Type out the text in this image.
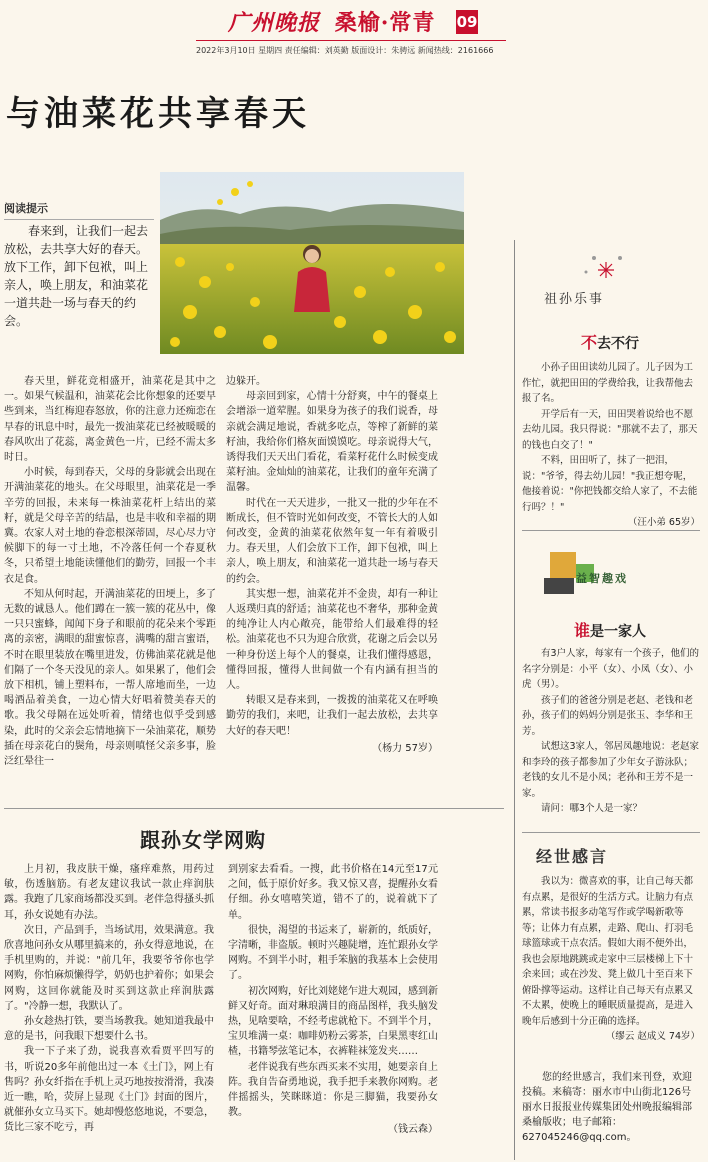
广州晚报 桑榆·常青 09
2022年3月10日 星期四 责任编辑：刘英勤 版面设计：朱骋远 新闻热线：2161666
与油菜花共享春天
阅读提示
春来到，让我们一起去放松，去共享大好的春天。放下工作，卸下包袱，叫上亲人，唤上朋友，和油菜花一道共赴一场与春天的约会。

春天里，鲜花竞相盛开，油菜花是其中之一。如果气候温和，油菜花会比你想象的还要早些到来，当红梅迎春怒放，你的注意力还痴恋在早春的讯息中时，最先一拨油菜花已经被暖暖的春风吹出了花蕊，离金黄色一片，已经不需太多时日。

小时候，每到春天，父母的身影就会出现在开满油菜花的地头。在父母眼里，油菜花是一季辛劳的回报，未来每一株油菜花杆上结出的菜籽，就是父母辛苦的结晶，也是丰收和幸福的期冀。农家人对土地的眷恋根深蒂固，尽心尽力守候脚下的每一寸土地，不冷落任何一个春夏秋冬，只希望土地能读懂他们的勤劳，回报一个丰衣足食。

不知从何时起，开满油菜花的田埂上，多了无数的诚恳人。他们蹲在一簇一簇的花丛中，像一只只蜜蜂，闻闻下身子和眼前的花朵来个零距离的亲密，满眼的甜蜜惊喜，满嘴的甜言蜜语，不时在眼里装放在嘴里进发，仿佛油菜花就是他们隔了一个冬天没见的亲人。如果累了，他们会放下相机，铺上塑料布，一帮人席地而坐，一边喝酒品着美食，一边心情大好唱着赞美春天的歌。我父母隔在远处听着，情绪也似乎受到感染，此时的父亲会忘情地摘下一朵油菜花，顺势插在母亲花白的鬓角，母亲则嗔怪父亲多事，脸泛红晕往一

边躲开。

母亲回到家，心情十分舒爽，中午的餐桌上会增添一道荤腥。如果身为孩子的我们说香，母亲就会满足地说，香就多吃点，等榨了新鲜的菜籽油，我给你们格灰面馍馍吃。母亲说得大气，诱得我们天天出门看花，看菜籽花什么时候变成菜籽油。金灿灿的油菜花，让我们的童年充满了温馨。

时代在一天天进步，一批又一批的少年在不断成长，但不管时光如何改变，不管长大的人如何改变，金黄的油菜花依然年复一年有着吸引力。春天里，人们会放下工作，卸下包袱，叫上亲人，唤上朋友，和油菜花一道共赴一场与春天的约会。

其实想一想，油菜花并不金贵，却有一种让人返璞归真的舒适；油菜花也不奢华，那种金黄的纯净让人内心敞亮，能带给人们最难得的轻松。油菜花也不只为迎合欣赏，花谢之后会以另一种身份送上每个人的餐桌，让我们懂得感恩，懂得回报，懂得人世间做一个有内涵有担当的人。

转眼又是春来到，一拨拨的油菜花又在呼唤勤劳的我们，来吧，让我们一起去放松，去共享大好的春天吧！

（杨力 57岁）
跟孙女学网购

上月初，我皮肤干燥，瘙痒难熬，用药过敏，伤透脑筋。有老友建议我试一款止痒润肤露。我跑了几家商场都没买到。老伴急得搔头抓耳，孙女说她有办法。

次日，产品到手，当场试用，效果满意。我欣喜地问孙女从哪里搞来的，孙女得意地说，在手机里购的，并说："前几年，我要爷爷你也学网购，你怕麻烦懒得学，奶奶也护着你；如果会网购，这回你就能及时买到这款止痒润肤露了。"冷静一想，我默认了。

孙女趁热打铁，要当场教我。她知道我最中意的是书，问我眼下想要什么书。

我一下子来了劲，说我喜欢看贾平凹写的书，听说20多年前他出过一本《土门》，网上有售吗？孙女纤指在手机上灵巧地按按滑滑，我凑近一瞧，哈，荧屏上显现《土门》封面的图片，就催孙女立马买下。她却慢悠悠地说，不要急，货比三家不吃亏，再

到别家去看看。一搜，此书价格在14元至17元之间，低于原价好多。我又惊又喜，提醒孙女看仔细。孙女嘻嘻笑道，错不了的，说着就下了单。

很快，渴望的书运来了，崭新的，纸质好，字清晰，非盗版。顿时兴趣陡增，连忙跟孙女学网购。不到半小时，粗手笨脑的我基本上会使用了。

初次网购，好比刘姥姥乍进大观园，感到新鲜又好奇。面对琳琅满目的商品图样，我头脑发热，见啥要啥，不经考虑就枪下。不到半个月，宝贝堆满一桌：咖啡奶粉云雾茶，白果黑枣红山楂，书籍琴弦笔记本，衣裤鞋袜笼发夹……

老伴说我有些东西买来不实用，她要亲自上阵。我自告奋勇地说，我手把手来教你网购。老伴摇摇头，笑眯眯道：你是三脚猫，我要孙女教。

（钱云森）
祖孙乐事
不去不行

小孙子田田读幼儿园了。儿子因为工作忙，就把田田的学费给我，让我帮他去报了名。

开学后有一天，田田哭着说给也不愿去幼儿园。我只得说："那就不去了，那天的钱也白交了！"

不料，田田听了，抹了一把泪，说："爷爷，得去幼儿园！"我正想夸呢，他接着说："你把钱都交给人家了，不去能行吗？！"

（汪小弟 65岁）
益智趣戏
谁是一家人

有3户人家，每家有一个孩子，他们的名字分别是：小平（女）、小凤（女）、小虎（男）。

孩子们的爸爸分别是老赵、老钱和老孙，孩子们的妈妈分别是张玉、李华和王芳。

试想这3家人，邻居凤趣地说：老赵家和李玲的孩子都参加了少年女子游泳队；老钱的女儿不是小凤；老孙和王芳不是一家。

请问：哪3个人是一家？

经世感言

我以为：微喜欢的事，让自己每天都有点累，是很好的生活方式。让脑力有点累，常读书报多动笔写作或学喝新歌等等；让体力有点累，走路、爬山、打羽毛球篮球或干点农活。假如大雨不便外出，我也会原地跳跳或走家中三层楼梯上下十余来回；或在沙发、凳上做几十至百来下俯卧撑等运动。这样让自己每天有点累又不太累，使晚上的睡眠质量提高，是进入晚年后感到十分正确的选择。

（缪云 赵成义 74岁）
您的经世感言，我们来刊登，欢迎投稿。来稿寄：丽水市中山街北126号丽水日报报业传媒集团处州晚报编辑部桑榆版收；电子邮箱：627045246@qq.com。
